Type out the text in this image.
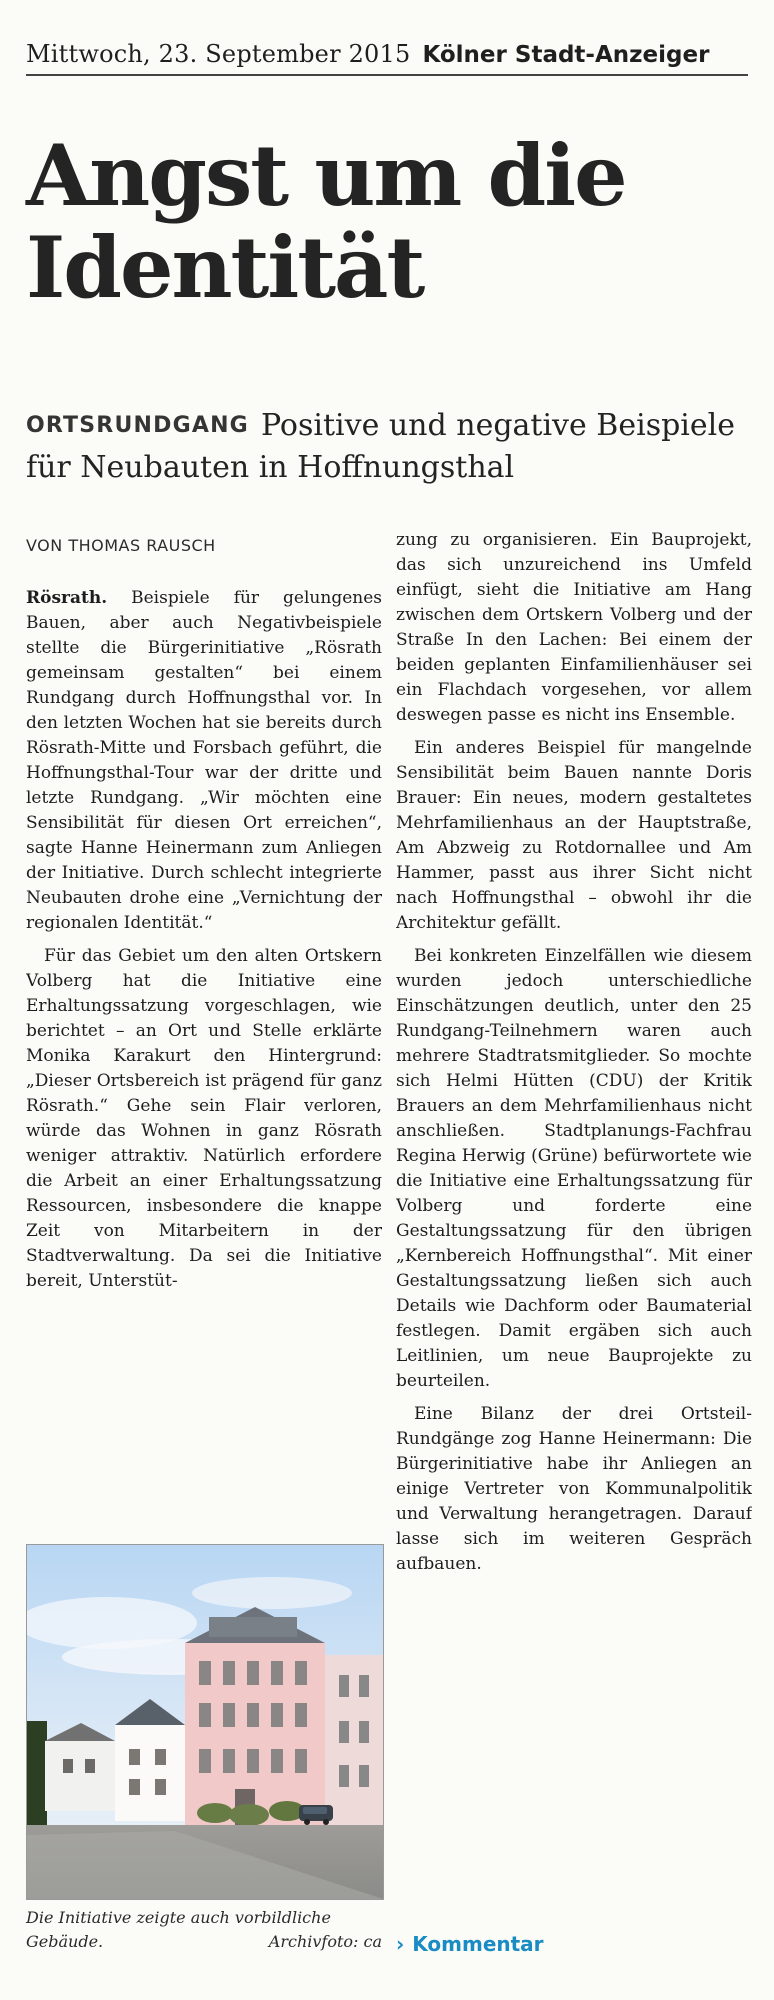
Mittwoch, 23. September 2015 Kölner Stadt-Anzeiger
Angst um die Identität

ORTSRUNDGANG Positive und negative Beispiele für Neubauten in Hoffnungsthal

VON THOMAS RAUSCH

Rösrath. Beispiele für gelungenes Bauen, aber auch Negativbeispiele stellte die Bürgerinitiative „Rösrath gemeinsam gestalten“ bei einem Rundgang durch Hoffnungsthal vor. In den letzten Wochen hat sie bereits durch Rösrath-Mitte und Forsbach geführt, die Hoffnungsthal-Tour war der dritte und letzte Rundgang. „Wir möchten eine Sensibilität für diesen Ort erreichen“, sagte Hanne Heinermann zum Anliegen der Initiative. Durch schlecht integrierte Neubauten drohe eine „Vernichtung der regionalen Identität.“

Für das Gebiet um den alten Ortskern Volberg hat die Initiative eine Erhaltungssatzung vorgeschlagen, wie berichtet – an Ort und Stelle erklärte Monika Karakurt den Hintergrund: „Dieser Ortsbereich ist prägend für ganz Rösrath.“ Gehe sein Flair verloren, würde das Wohnen in ganz Rösrath weniger attraktiv. Natürlich erfordere die Arbeit an einer Erhaltungssatzung Ressourcen, insbesondere die knappe Zeit von Mitarbeitern in der Stadtverwaltung. Da sei die Initiative bereit, Unterstüt-

zung zu organisieren. Ein Bauprojekt, das sich unzureichend ins Umfeld einfügt, sieht die Initiative am Hang zwischen dem Ortskern Volberg und der Straße In den Lachen: Bei einem der beiden geplanten Einfamilienhäuser sei ein Flachdach vorgesehen, vor allem deswegen passe es nicht ins Ensemble.

Ein anderes Beispiel für mangelnde Sensibilität beim Bauen nannte Doris Brauer: Ein neues, modern gestaltetes Mehrfamilienhaus an der Hauptstraße, Am Abzweig zu Rotdornallee und Am Hammer, passt aus ihrer Sicht nicht nach Hoffnungsthal – obwohl ihr die Architektur gefällt.

Bei konkreten Einzelfällen wie diesem wurden jedoch unterschiedliche Einschätzungen deutlich, unter den 25 Rundgang-Teilnehmern waren auch mehrere Stadtratsmitglieder. So mochte sich Helmi Hütten (CDU) der Kritik Brauers an dem Mehrfamilienhaus nicht anschließen. Stadtplanungs-Fachfrau Regina Herwig (Grüne) befürwortete wie die Initiative eine Erhaltungssatzung für Volberg und forderte eine Gestaltungssatzung für den übrigen „Kernbereich Hoffnungsthal“. Mit einer Gestaltungssatzung ließen sich auch Details wie Dachform oder Baumaterial festlegen. Damit ergäben sich auch Leitlinien, um neue Bauprojekte zu beurteilen.

Eine Bilanz der drei Ortsteil-Rundgänge zog Hanne Heinermann: Die Bürgerinitiative habe ihr Anliegen an einige Vertreter von Kommunalpolitik und Verwaltung herangetragen. Darauf lasse sich im weiteren Gespräch aufbauen.

Die Initiative zeigte auch vorbildliche Gebäude.	Archivfoto: ca › Kommentar
